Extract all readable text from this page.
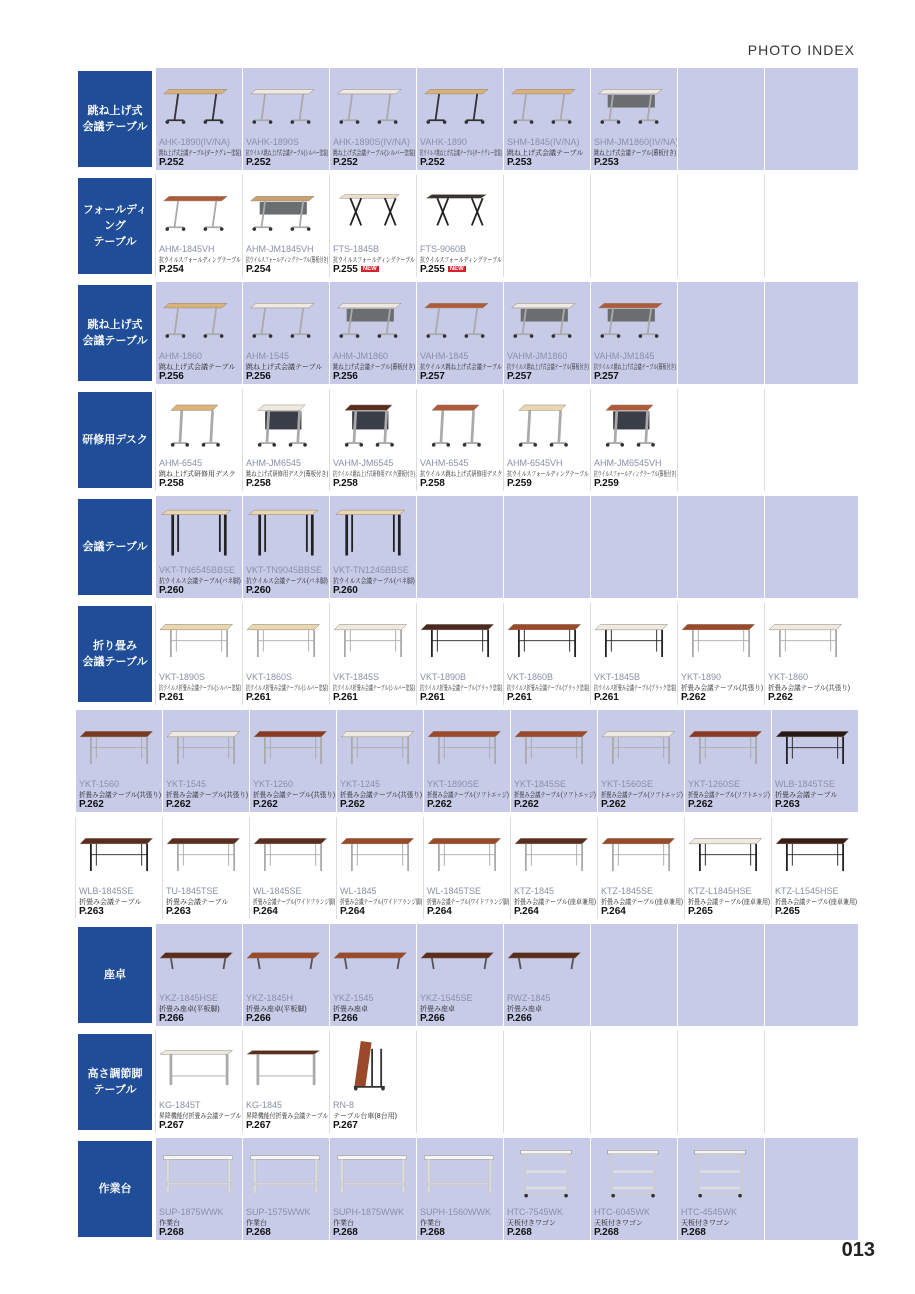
PHOTO INDEX
跳ね上げ式
会議テーブル
AHK-1890(IV/NA)
跳ね上げ式会議テーブル(ダークグレー塗装)
P.252
VAHK-1890S
抗ウイルス跳ね上げ式会議テーブル(シルバー塗装)
P.252
AHK-1890S(IV/NA)
跳ね上げ式会議テーブル(シルバー塗装)
P.252
VAHK-1890
抗ウイルス跳ね上げ式会議テーブル(ダークグレー塗装)
P.252
SHM-1845(IV/NA)
跳ね上げ式会議テーブル
P.253
SHM-JM1860(IV/NA)
跳ね上げ式会議テーブル(幕板付き)
P.253
フォールディング
テーブル
AHM-1845VH
抗ウイルスフォールディングテーブル
P.254
AHM-JM1845VH
抗ウイルスフォールディングテーブル(幕板付き)
P.254
FTS-1845B
抗ウイルスフォールディングテーブル
P.255 NEW
FTS-9060B
抗ウイルスフォールディングテーブル
P.255 NEW
跳ね上げ式
会議テーブル
AHM-1860
跳ね上げ式会議テーブル
P.256
AHM-1545
跳ね上げ式会議テーブル
P.256
AHM-JM1860
跳ね上げ式会議テーブル(幕板付き)
P.256
VAHM-1845
抗ウイルス跳ね上げ式会議テーブル
P.257
VAHM-JM1860
抗ウイルス跳ね上げ式会議テーブル(幕板付き)
P.257
VAHM-JM1845
抗ウイルス跳ね上げ式会議テーブル(幕板付き)
P.257
研修用デスク
AHM-6545
跳ね上げ式研修用デスク
P.258
AHM-JM6545
跳ね上げ式研修用デスク(幕板付き)
P.258
VAHM-JM6545
抗ウイルス跳ね上げ式研修用デスク(幕板付き)
P.258
VAHM-6545
抗ウイルス跳ね上げ式研修用デスク
P.258
AHM-6545VH
抗ウイルスフォールディングテーブル
P.259
AHM-JM6545VH
抗ウイルスフォールディングテーブル(幕板付き)
P.259
会議テーブル
VKT-TN6545BBSE
抗ウイルス会議テーブル(パネ脚)
P.260
VKT-TN9045BBSE
抗ウイルス会議テーブル(パネ脚)
P.260
VKT-TN1245BBSE
抗ウイルス会議テーブル(パネ脚)
P.260
折り畳み
会議テーブル
VKT-1890S
抗ウイルス折畳み会議テーブル(シルバー塗装)
P.261
VKT-1860S
抗ウイルス折畳み会議テーブル(シルバー塗装)
P.261
VKT-1845S
抗ウイルス折畳み会議テーブル(シルバー塗装)
P.261
VKT-1890B
抗ウイルス折畳み会議テーブル(ブラック塗装)
P.261
VKT-1860B
抗ウイルス折畳み会議テーブル(ブラック塗装)
P.261
VKT-1845B
抗ウイルス折畳み会議テーブル(ブラック塗装)
P.261
YKT-1890
折畳み会議テーブル(共張り)
P.262
YKT-1860
折畳み会議テーブル(共張り)
P.262
YKT-1560
折畳み会議テーブル(共張り)
P.262
YKT-1545
折畳み会議テーブル(共張り)
P.262
YKT-1260
折畳み会議テーブル(共張り)
P.262
YKT-1245
折畳み会議テーブル(共張り)
P.262
YKT-1890SE
折畳み会議テーブル(ソフトエッジ)
P.262
YKT-1845SE
折畳み会議テーブル(ソフトエッジ)
P.262
YKT-1560SE
折畳み会議テーブル(ソフトエッジ)
P.262
YKT-1260SE
折畳み会議テーブル(ソフトエッジ)
P.262
WLB-1845TSE
折畳み会議テーブル
P.263
WLB-1845SE
折畳み会議テーブル
P.263
TU-1845TSE
折畳み会議テーブル
P.263
WL-1845SE
折畳み会議テーブル(ワイドフランジ脚)
P.264
WL-1845
折畳み会議テーブル(ワイドフランジ脚)
P.264
WL-1845TSE
折畳み会議テーブル(ワイドフランジ脚)
P.264
KTZ-1845
折畳み会議テーブル(座卓兼用)
P.264
KTZ-1845SE
折畳み会議テーブル(座卓兼用)
P.264
KTZ-L1845HSE
折畳み会議テーブル(座卓兼用)
P.265
KTZ-L1545HSE
折畳み会議テーブル(座卓兼用)
P.265
座卓
YKZ-1845HSE
折畳み座卓(平板脚)
P.266
YKZ-1845H
折畳み座卓(平板脚)
P.266
YKZ-1545
折畳み座卓
P.266
YKZ-1545SE
折畳み座卓
P.266
RWZ-1845
折畳み座卓
P.266
高さ調節脚
テーブル
KG-1845T
昇降機能付折畳み会議テーブル
P.267
KG-1845
昇降機能付折畳み会議テーブル
P.267
RN-8
テーブル台車(8台用)
P.267
作業台
SUP-1875WWK
作業台
P.268
SUP-1575WWK
作業台
P.268
SUPH-1875WWK
作業台
P.268
SUPH-1560WWK
作業台
P.268
HTC-7545WK
天板付きワゴン
P.268
HTC-6045WK
天板付きワゴン
P.268
HTC-4545WK
天板付きワゴン
P.268
013
